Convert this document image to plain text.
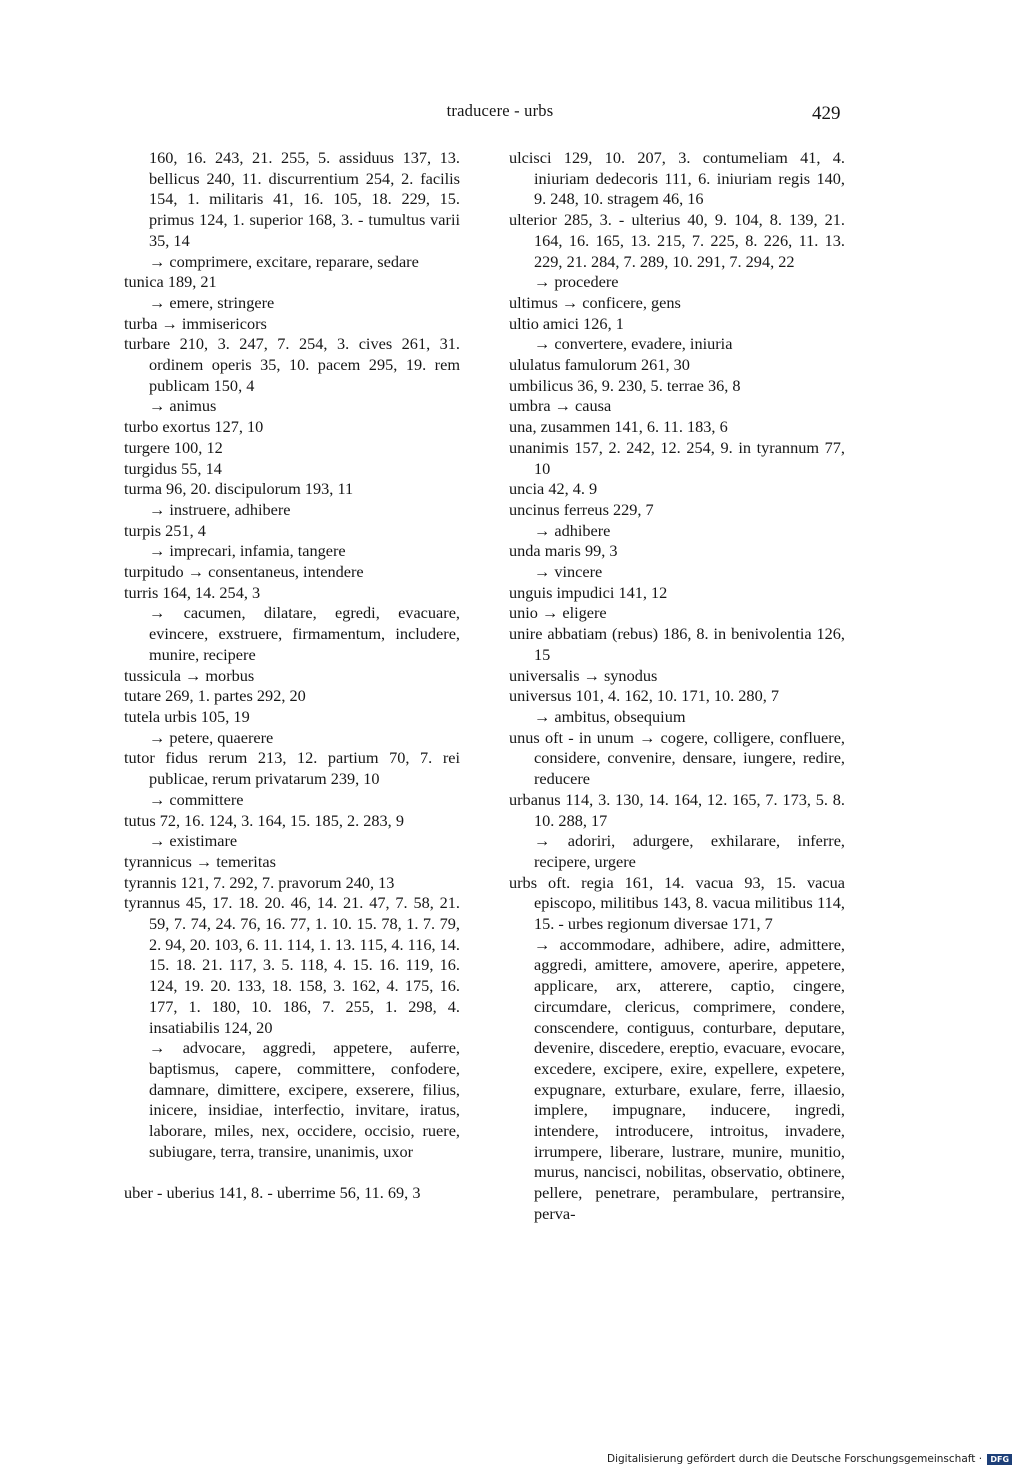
traducere - urbs	429
160, 16. 243, 21. 255, 5. assiduus 137, 13. bellicus 240, 11. discurrentium 254, 2. facilis 154, 1. militaris 41, 16. 105, 18. 229, 15. primus 124, 1. superior 168, 3. - tumultus varii 35, 14
→ comprimere, excitare, reparare, sedare
tunica 189, 21
→ emere, stringere
turba → immisericors
turbare 210, 3. 247, 7. 254, 3. cives 261, 31. ordinem operis 35, 10. pacem 295, 19. rem publicam 150, 4
→ animus
turbo exortus 127, 10
turgere 100, 12
turgidus 55, 14
turma 96, 20. discipulorum 193, 11
→ instruere, adhibere
turpis 251, 4
→ imprecari, infamia, tangere
turpitudo → consentaneus, intendere
turris 164, 14. 254, 3
→ cacumen, dilatare, egredi, evacuare, evincere, exstruere, firmamentum, includere, munire, recipere
tussicula → morbus
tutare 269, 1. partes 292, 20
tutela urbis 105, 19
→ petere, quaerere
tutor fidus rerum 213, 12. partium 70, 7. rei publicae, rerum privatarum 239, 10
→ committere
tutus 72, 16. 124, 3. 164, 15. 185, 2. 283, 9
→ existimare
tyrannicus → temeritas
tyrannis 121, 7. 292, 7. pravorum 240, 13
tyrannus 45, 17. 18. 20. 46, 14. 21. 47, 7. 58, 21. 59, 7. 74, 24. 76, 16. 77, 1. 10. 15. 78, 1. 7. 79, 2. 94, 20. 103, 6. 11. 114, 1. 13. 115, 4. 116, 14. 15. 18. 21. 117, 3. 5. 118, 4. 15. 16. 119, 16. 124, 19. 20. 133, 18. 158, 3. 162, 4. 175, 16. 177, 1. 180, 10. 186, 7. 255, 1. 298, 4. insatiabilis 124, 20
→ advocare, aggredi, appetere, auferre, baptismus, capere, committere, confodere, damnare, dimittere, excipere, exserere, filius, inicere, insidiae, interfectio, invitare, iratus, laborare, miles, nex, occidere, occisio, ruere, subiugare, terra, transire, unanimis, uxor
uber - uberius 141, 8. - uberrime 56, 11. 69, 3
ulcisci 129, 10. 207, 3. contumeliam 41, 4. iniuriam dedecoris 111, 6. iniuriam regis 140, 9. 248, 10. stragem 46, 16
ulterior 285, 3. - ulterius 40, 9. 104, 8. 139, 21. 164, 16. 165, 13. 215, 7. 225, 8. 226, 11. 13. 229, 21. 284, 7. 289, 10. 291, 7. 294, 22
→ procedere
ultimus → conficere, gens
ultio amici 126, 1
→ convertere, evadere, iniuria
ululatus famulorum 261, 30
umbilicus 36, 9. 230, 5. terrae 36, 8
umbra → causa
una, zusammen 141, 6. 11. 183, 6
unanimis 157, 2. 242, 12. 254, 9. in tyrannum 77, 10
uncia 42, 4. 9
uncinus ferreus 229, 7
→ adhibere
unda maris 99, 3
→ vincere
unguis impudici 141, 12
unio → eligere
unire abbatiam (rebus) 186, 8. in benivolentia 126, 15
universalis → synodus
universus 101, 4. 162, 10. 171, 10. 280, 7
→ ambitus, obsequium
unus oft - in unum → cogere, colligere, confluere, considere, convenire, densare, iungere, redire, reducere
urbanus 114, 3. 130, 14. 164, 12. 165, 7. 173, 5. 8. 10. 288, 17
→ adoriri, adurgere, exhilarare, inferre, recipere, urgere
urbs oft. regia 161, 14. vacua 93, 15. vacua episcopo, militibus 143, 8. vacua militibus 114, 15. - urbes regionum diversae 171, 7
→ accommodare, adhibere, adire, admittere, aggredi, amittere, amovere, aperire, appetere, applicare, arx, atterere, captio, cingere, circumdare, clericus, comprimere, condere, conscendere, contiguus, conturbare, deputare, devenire, discedere, ereptio, evacuare, evocare, excedere, excipere, exire, expellere, expetere, expugnare, exturbare, exulare, ferre, illaesio, implere, impugnare, inducere, ingredi, intendere, introducere, introitus, invadere, irrumpere, liberare, lustrare, munire, munitio, murus, nancisci, nobilitas, observatio, obtinere, pellere, penetrare, perambulare, pertransire, perva-
Digitalisierung gefördert durch die Deutsche Forschungsgemeinschaft · DFG
